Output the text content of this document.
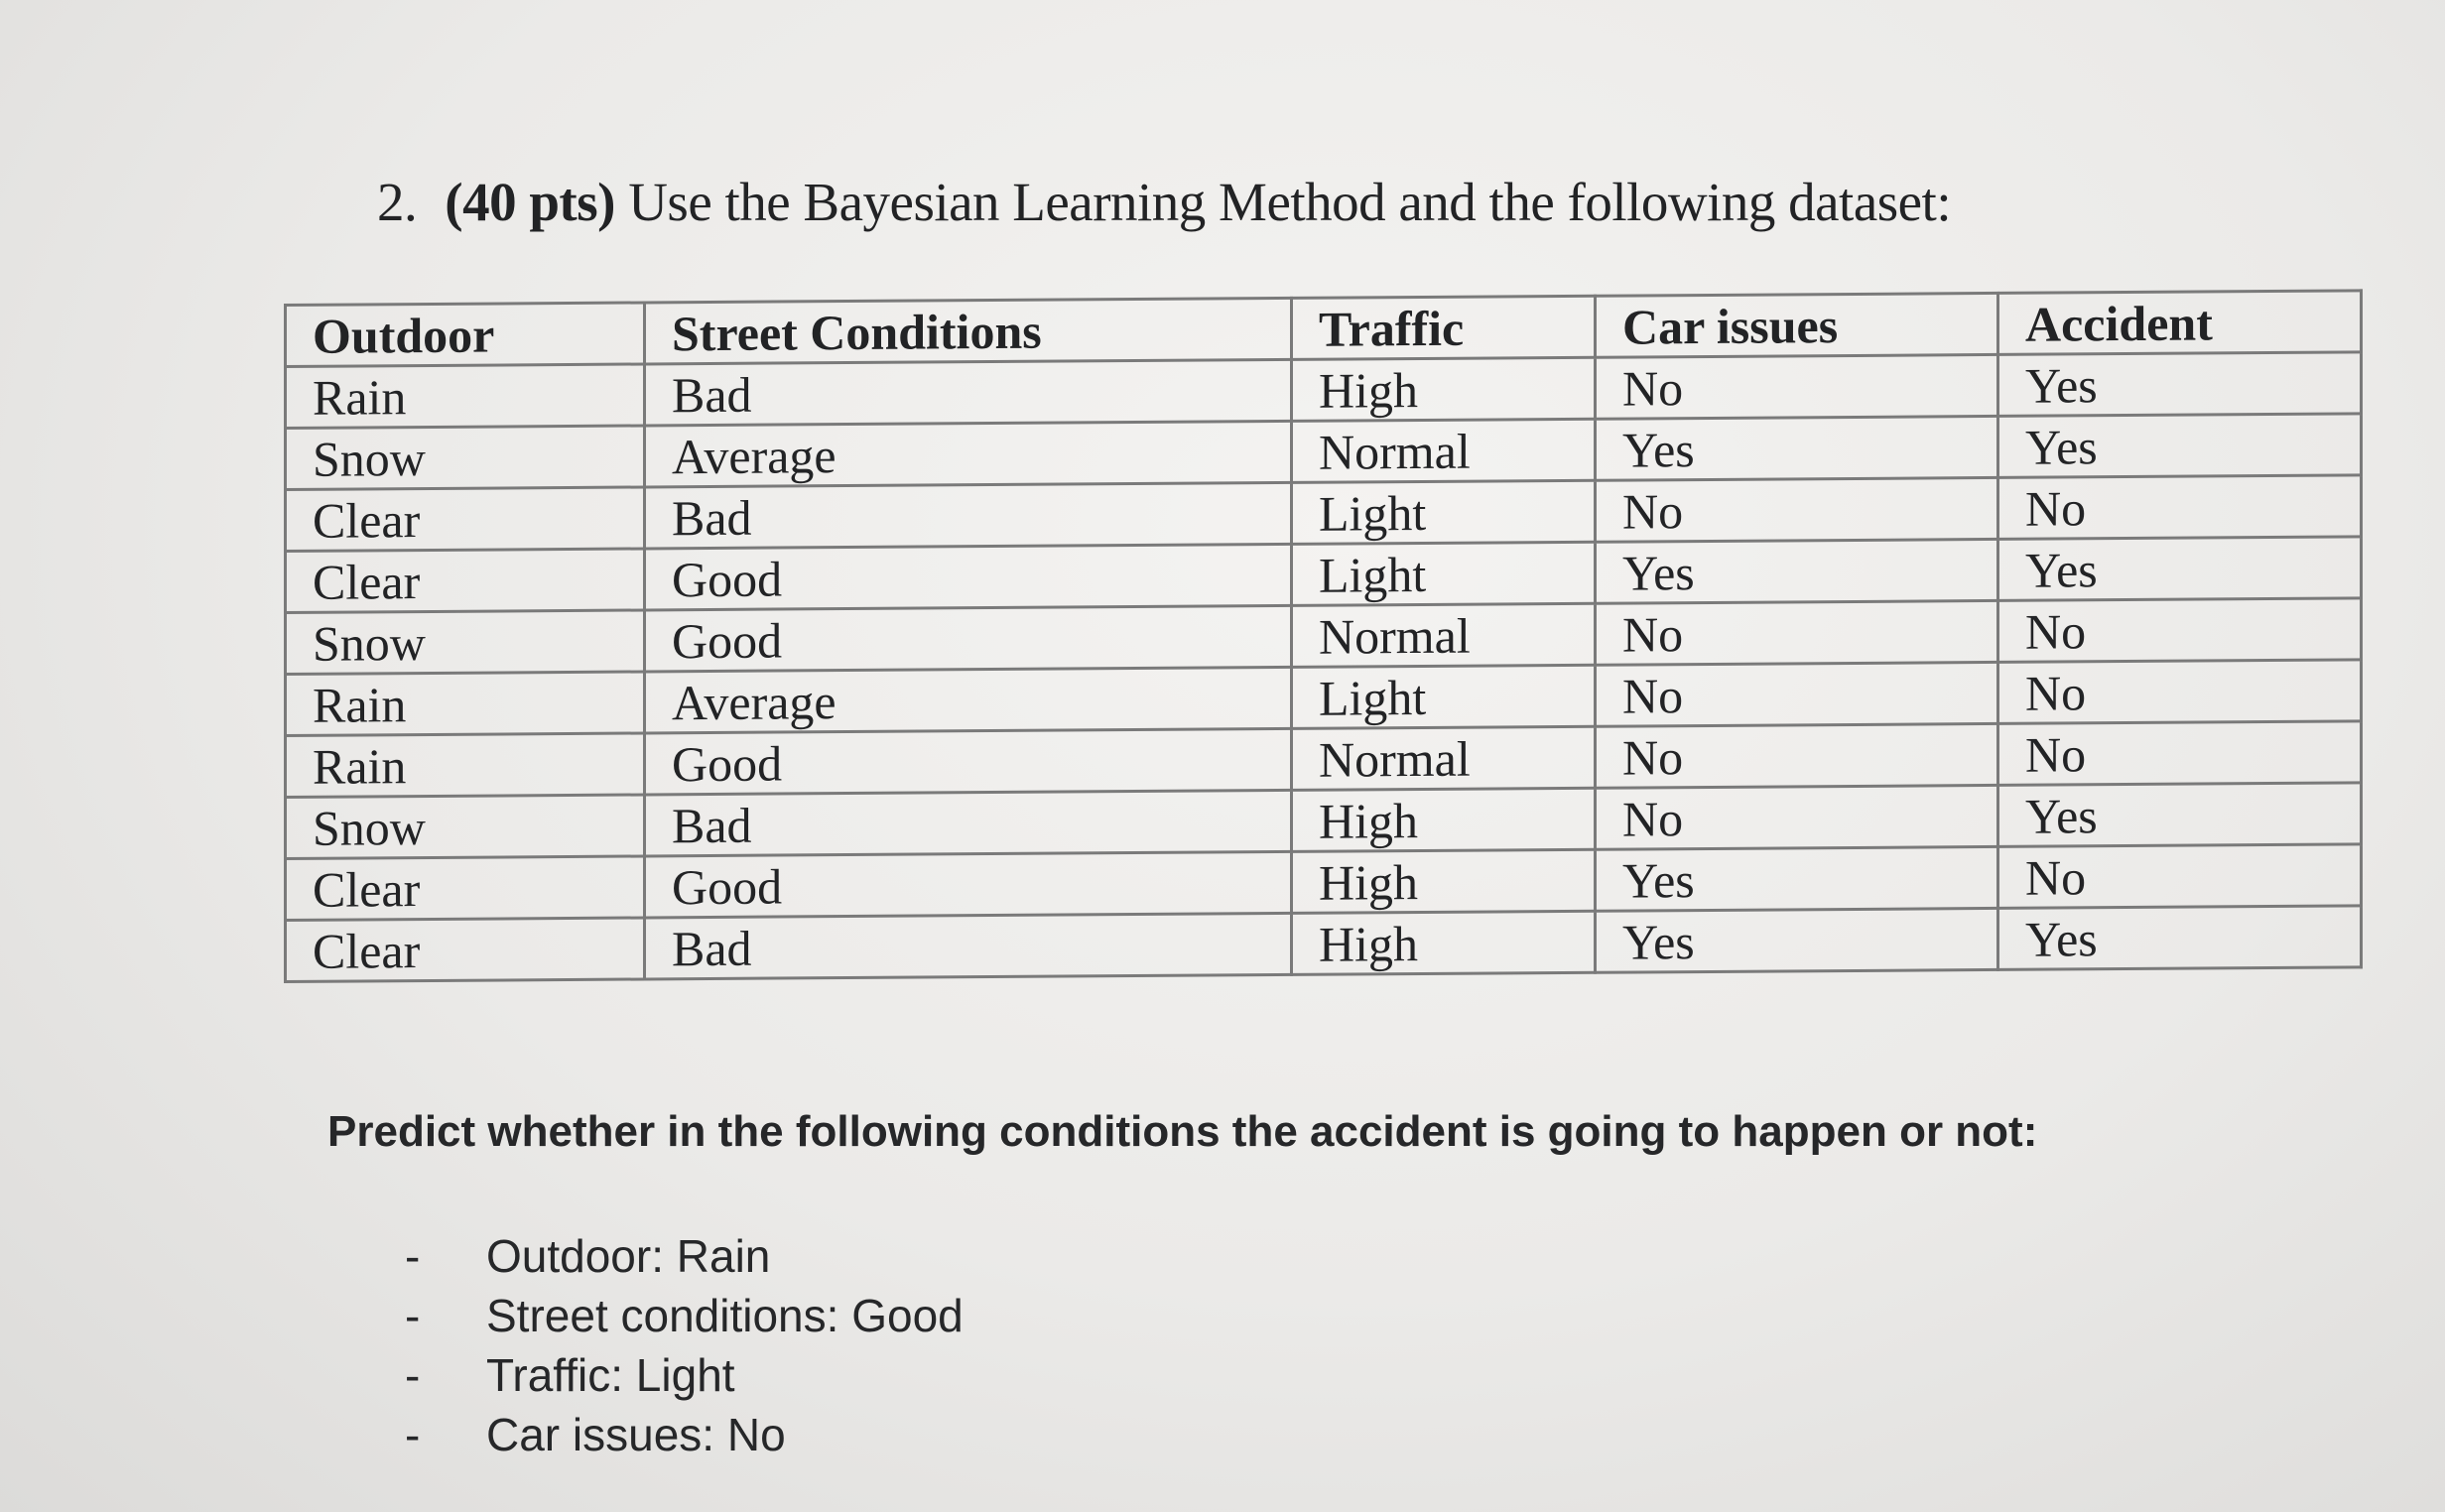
2. (40 pts) Use the Bayesian Learning Method and the following dataset:
Outdoor	Street Conditions	Traffic	Car issues	Accident
Rain	Bad	High	No	Yes
Snow	Average	Normal	Yes	Yes
Clear	Bad	Light	No	No
Clear	Good	Light	Yes	Yes
Snow	Good	Normal	No	No
Rain	Average	Light	No	No
Rain	Good	Normal	No	No
Snow	Bad	High	No	Yes
Clear	Good	High	Yes	No
Clear	Bad	High	Yes	Yes
Predict whether in the following conditions the accident is going to happen or not:
- Outdoor: Rain
- Street conditions: Good
- Traffic: Light
- Car issues: No
